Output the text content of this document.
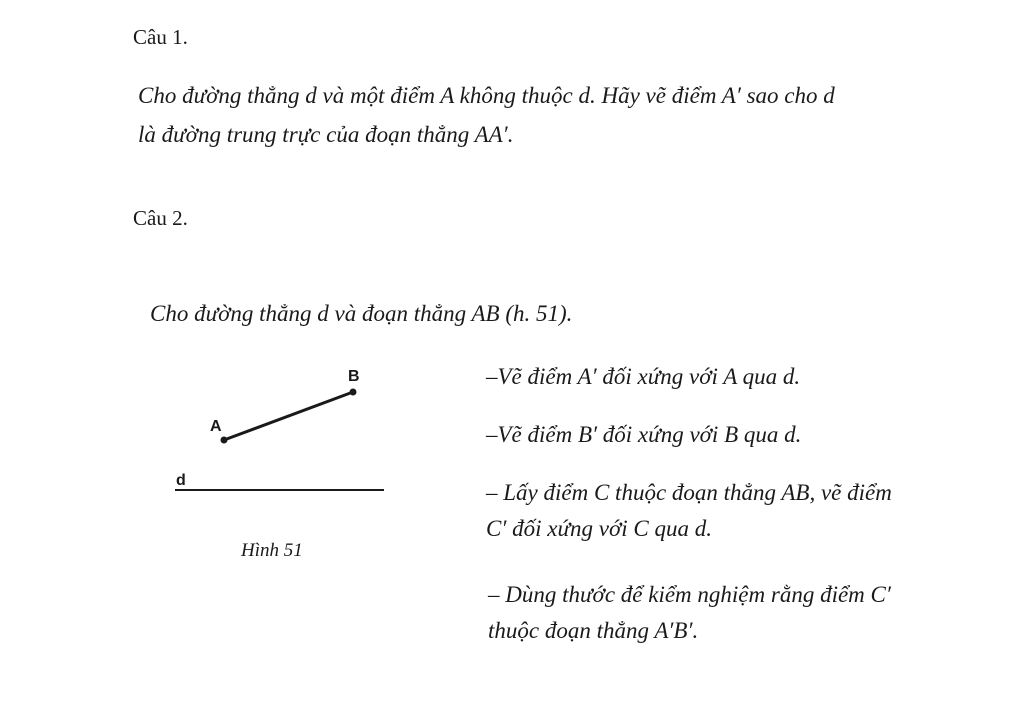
Câu 1.
Cho đường thẳng d và một điểm A không thuộc d. Hãy vẽ điểm A′ sao cho d
là đường trung trực của đoạn thẳng AA′.
Câu 2.
Cho đường thẳng d và đoạn thẳng AB (h. 51).
B
A
d
Hình 51
–Vẽ điểm A′ đối xứng với A qua d.
–Vẽ điểm B′ đối xứng với B qua d.
– Lấy điểm C thuộc đoạn thẳng AB, vẽ điểm
C′ đối xứng với C qua d.
– Dùng thước để kiểm nghiệm rằng điểm C′
thuộc đoạn thẳng A′B′.
